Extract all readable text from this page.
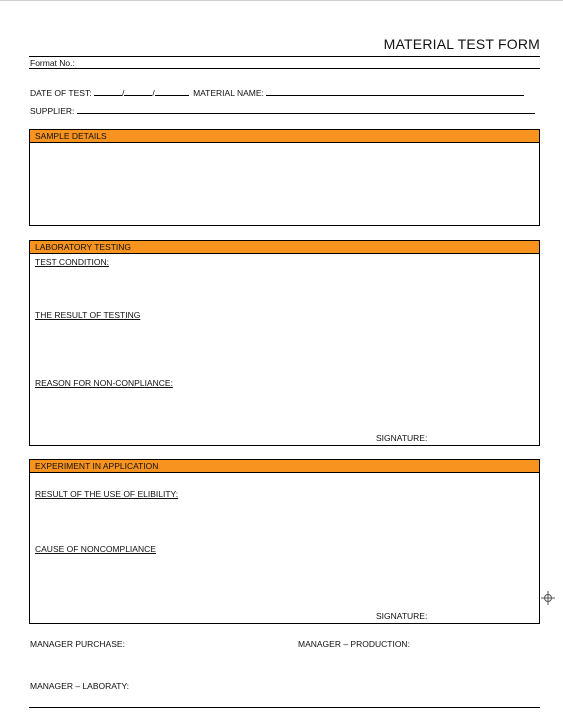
MATERIAL TEST FORM
Format No.:
DATE OF TEST:	/	/	MATERIAL NAME:
SUPPLIER:
SAMPLE DETAILS
LABORATORY TESTING
TEST CONDITION:
THE RESULT OF TESTING
REASON FOR NON-CONPLIANCE:
SIGNATURE:
EXPERIMENT IN APPLICATION
RESULT OF THE USE OF ELIBILITY:
CAUSE OF NONCOMPLIANCE
SIGNATURE:
MANAGER PURCHASE:	MANAGER – PRODUCTION:
MANAGER – LABORATY:
